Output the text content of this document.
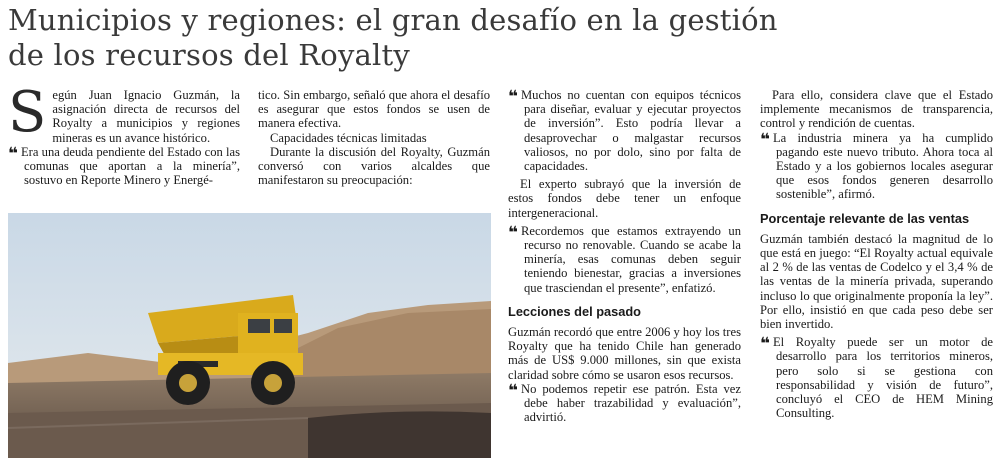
Municipios y regiones: el gran desafío en la gestión de los recursos del Royalty

Según Juan Ignacio Guzmán, la asignación directa de recursos del Royalty a municipios y regiones mineras es un avance histórico.

❝ Era una deuda pendiente del Estado con las comunas que aportan a la minería”, sostuvo en Reporte Minero y Energé-

tico. Sin embargo, señaló que ahora el desafío es asegurar que estos fondos se usen de manera efectiva.

Capacidades técnicas limitadas

Durante la discusión del Royalty, Guzmán conversó con varios alcaldes que manifestaron su preocupación:

❝ Muchos no cuentan con equipos técnicos para diseñar, evaluar y ejecutar proyectos de inversión”. Esto podría llevar a desaprovechar o malgastar recursos valiosos, no por dolo, sino por falta de capacidades.

El experto subrayó que la inversión de estos fondos debe tener un enfoque intergeneracional.

❝ Recordemos que estamos extrayendo un recurso no renovable. Cuando se acabe la minería, esas comunas deben seguir teniendo bienestar, gracias a inversiones que trasciendan el presente”, enfatizó.

Lecciones del pasado

Guzmán recordó que entre 2006 y hoy los tres Royalty que ha tenido Chile han generado más de US$ 9.000 millones, sin que exista claridad sobre cómo se usaron esos recursos.

❝ No podemos repetir ese patrón. Esta vez debe haber trazabilidad y evaluación”, advirtió.

Para ello, considera clave que el Estado implemente mecanismos de transparencia, control y rendición de cuentas.

❝ La industria minera ya ha cumplido pagando este nuevo tributo. Ahora toca al Estado y a los gobiernos locales asegurar que esos fondos generen desarrollo sostenible”, afirmó.

Porcentaje relevante de las ventas

Guzmán también destacó la magnitud de lo que está en juego: “El Royalty actual equivale al 2 % de las ventas de Codelco y el 3,4 % de las ventas de la minería privada, superando incluso lo que originalmente proponía la ley”. Por ello, insistió en que cada peso debe ser bien invertido.

❝ El Royalty puede ser un motor de desarrollo para los territorios mineros, pero solo si se gestiona con responsabilidad y visión de futuro”, concluyó el CEO de HEM Mining Consulting.
